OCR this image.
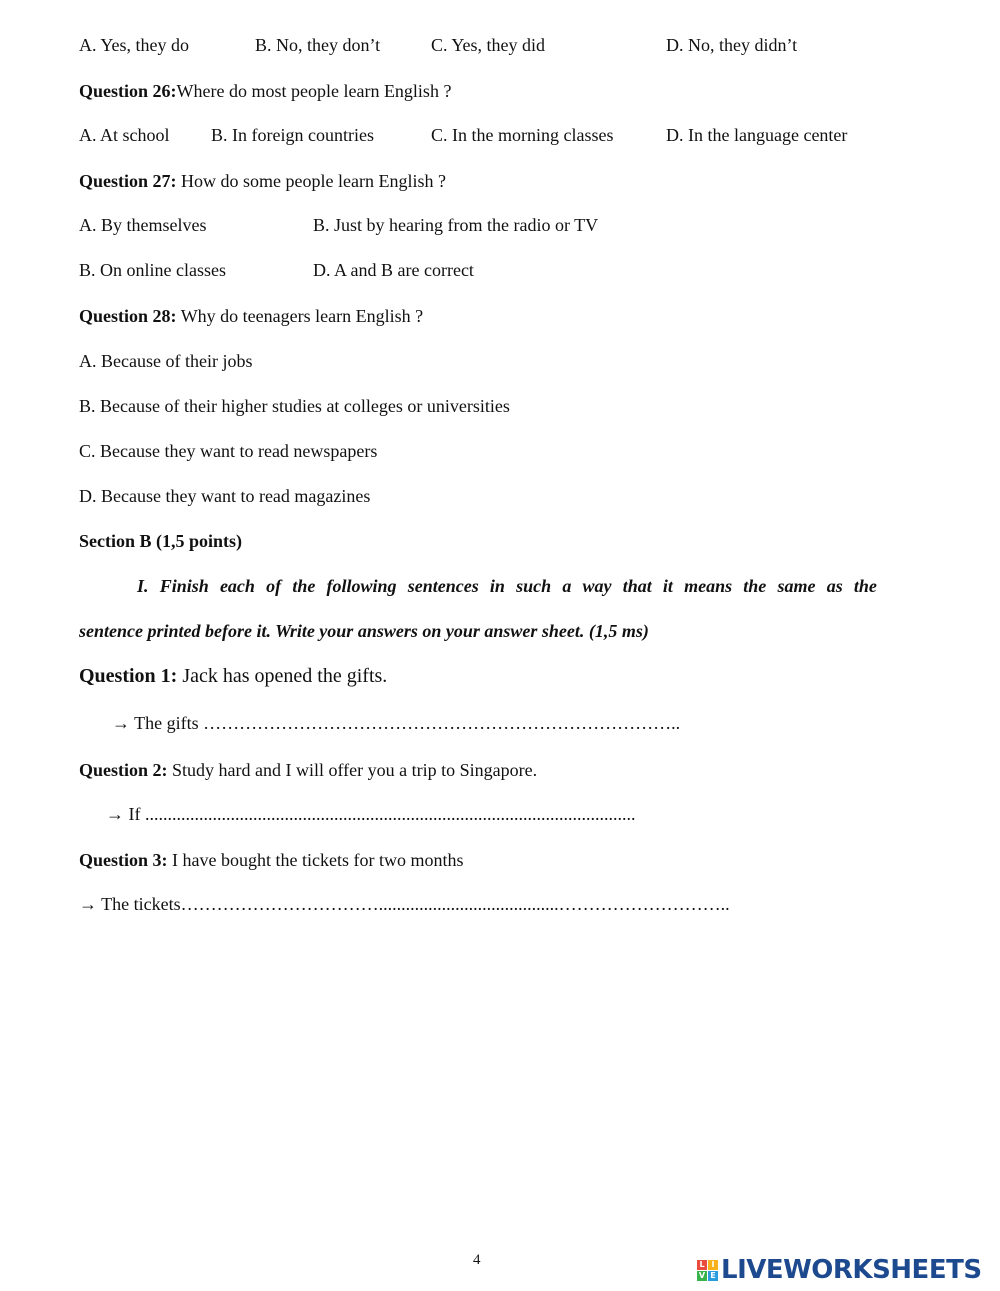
A. Yes, they do	B. No, they don’t	C. Yes, they did	D. No, they didn’t
Question 26:Where do most people learn English ?
A. At school B. In foreign countries	C. In the morning classes	D. In the language center
Question 27: How do some people learn English ?
A. By themselves	B. Just by hearing from the radio or TV
B. On online classes	D. A and B are correct
Question 28: Why do teenagers learn English ?
A. Because of their jobs
B. Because of their higher studies at colleges or universities
C. Because they want to read newspapers
D. Because they want to read magazines
Section B (1,5 points)
I. Finish each of the following sentences in such a way that it means the same as the
sentence printed before it. Write your answers on your answer sheet. (1,5 ms)
Question 1: Jack has opened the gifts.
→ The gifts ……………………………………………………………………..
Question 2: Study hard and I will offer you a trip to Singapore.
→ If .............................................................................................................
Question 3: I have bought the tickets for two months
→ The tickets……………………………........................................………………………..
4	L I
V E LIVEWORKSHEETS
